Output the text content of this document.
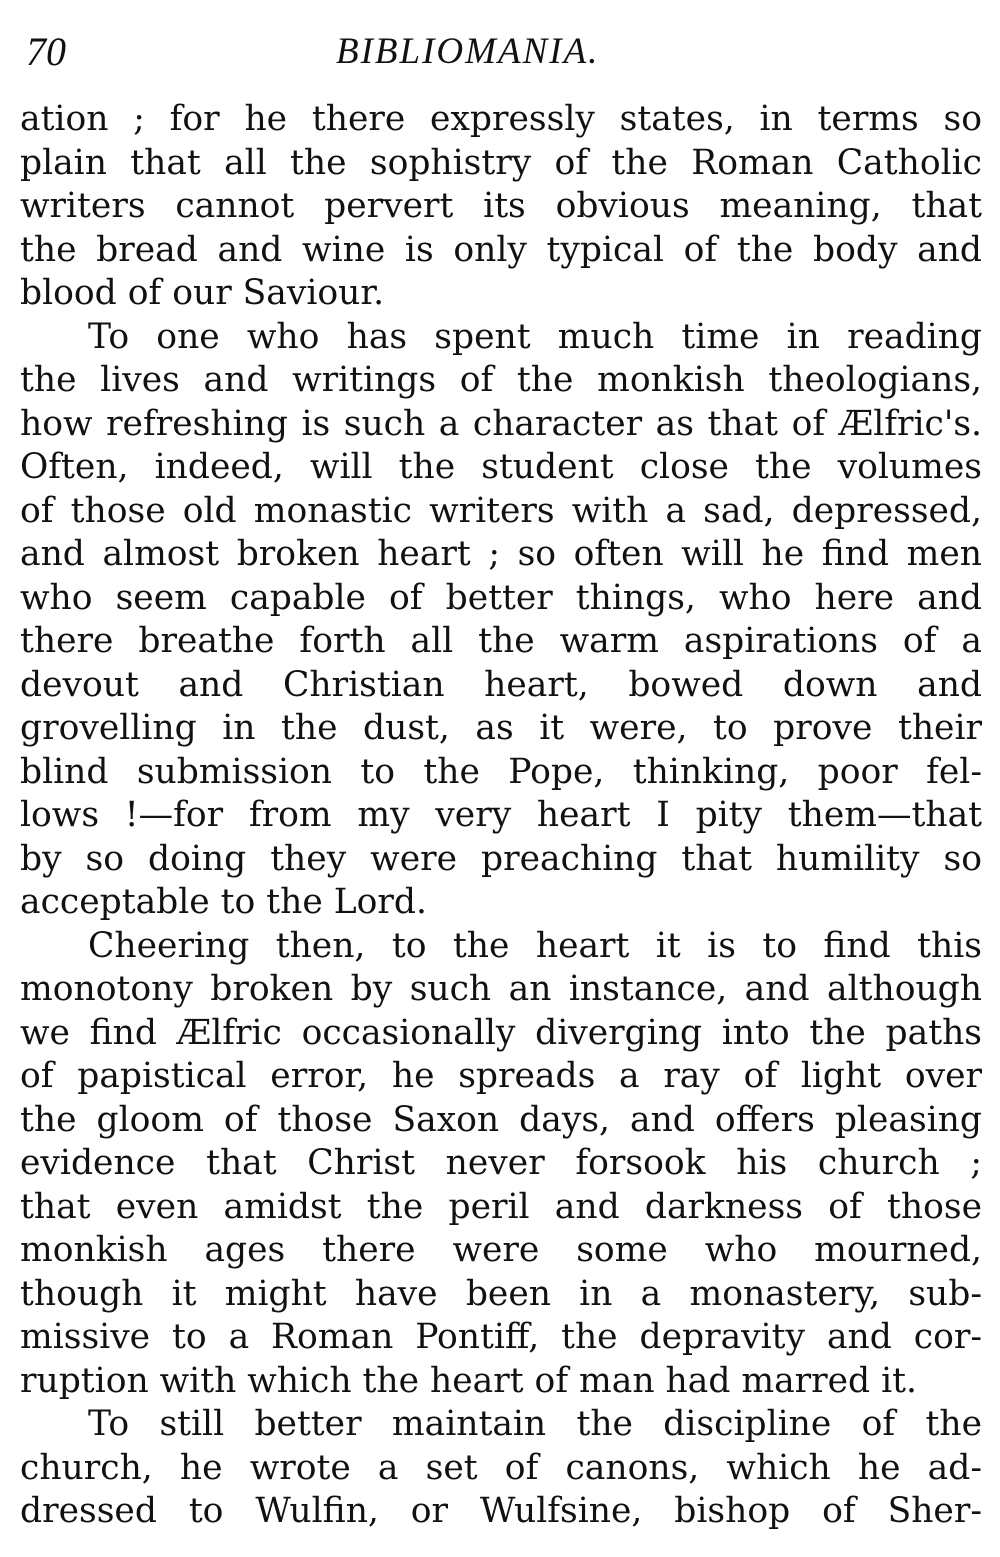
70	BIBLIOMANIA.
ation ; for he there expressly states, in terms so
plain that all the sophistry of the Roman Catholic
writers cannot pervert its obvious meaning, that
the bread and wine is only typical of the body and
blood of our Saviour.
To one who has spent much time in reading
the lives and writings of the monkish theologians,
how refreshing is such a character as that of Ælfric's.
Often, indeed, will the student close the volumes
of those old monastic writers with a sad, depressed,
and almost broken heart ; so often will he find men
who seem capable of better things, who here and
there breathe forth all the warm aspirations of a
devout and Christian heart, bowed down and
grovelling in the dust, as it were, to prove their
blind submission to the Pope, thinking, poor fel-
lows !—for from my very heart I pity them—that
by so doing they were preaching that humility so
acceptable to the Lord.
Cheering then, to the heart it is to find this
monotony broken by such an instance, and although
we find Ælfric occasionally diverging into the paths
of papistical error, he spreads a ray of light over
the gloom of those Saxon days, and offers pleasing
evidence that Christ never forsook his church ;
that even amidst the peril and darkness of those
monkish ages there were some who mourned,
though it might have been in a monastery, sub-
missive to a Roman Pontiff, the depravity and cor-
ruption with which the heart of man had marred it.
To still better maintain the discipline of the
church, he wrote a set of canons, which he ad-
dressed to Wulfin, or Wulfsine, bishop of Sher-
